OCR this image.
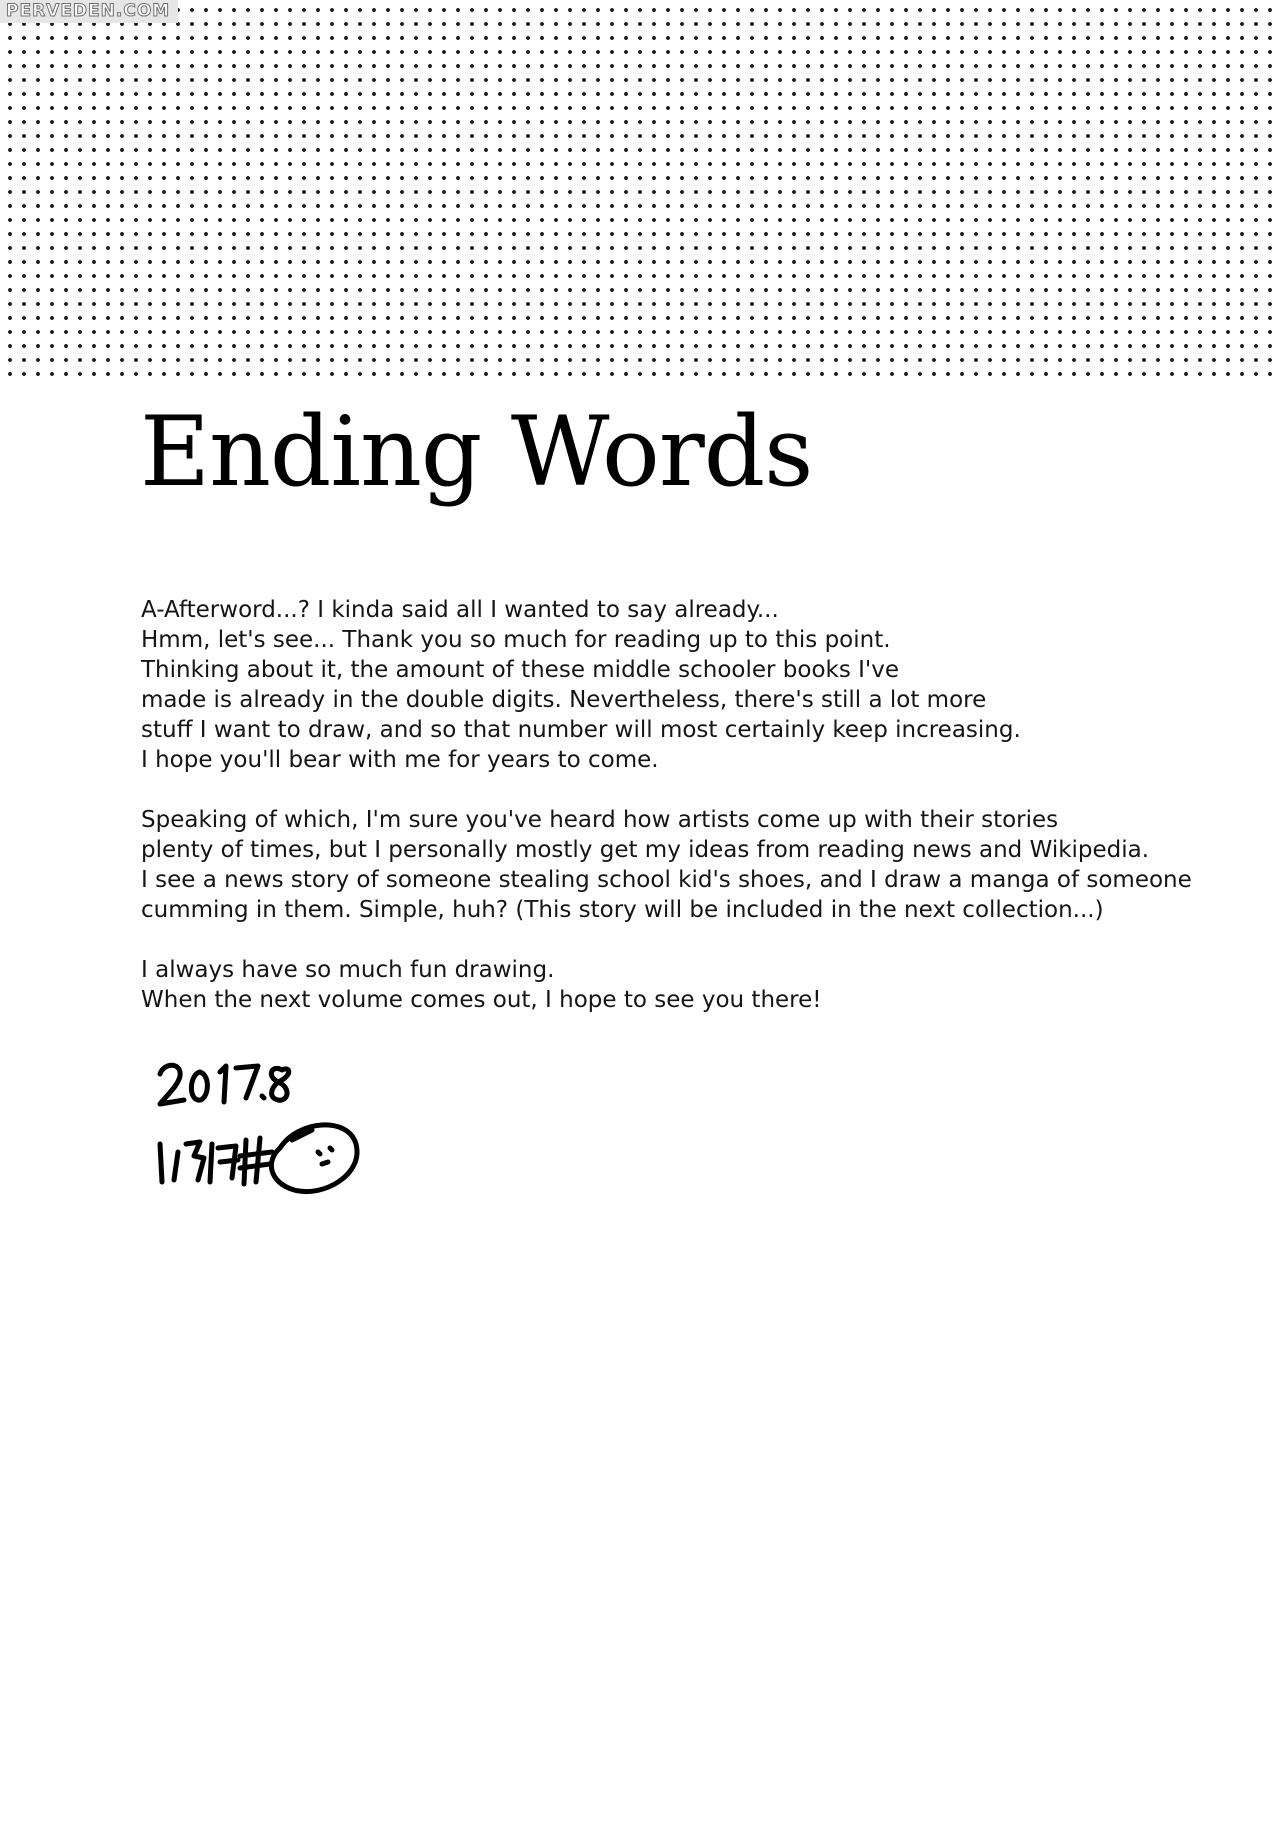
PERVEDEN.COM
Ending Words

A-Afterword...? I kinda said all I wanted to say already...
Hmm, let's see... Thank you so much for reading up to this point.
Thinking about it, the amount of these middle schooler books I've
made is already in the double digits. Nevertheless, there's still a lot more
stuff I want to draw, and so that number will most certainly keep increasing.
I hope you'll bear with me for years to come.

Speaking of which, I'm sure you've heard how artists come up with their stories
plenty of times, but I personally mostly get my ideas from reading news and Wikipedia.
I see a news story of someone stealing school kid's shoes, and I draw a manga of someone
cumming in them. Simple, huh? (This story will be included in the next collection...)

I always have so much fun drawing.
When the next volume comes out, I hope to see you there!
